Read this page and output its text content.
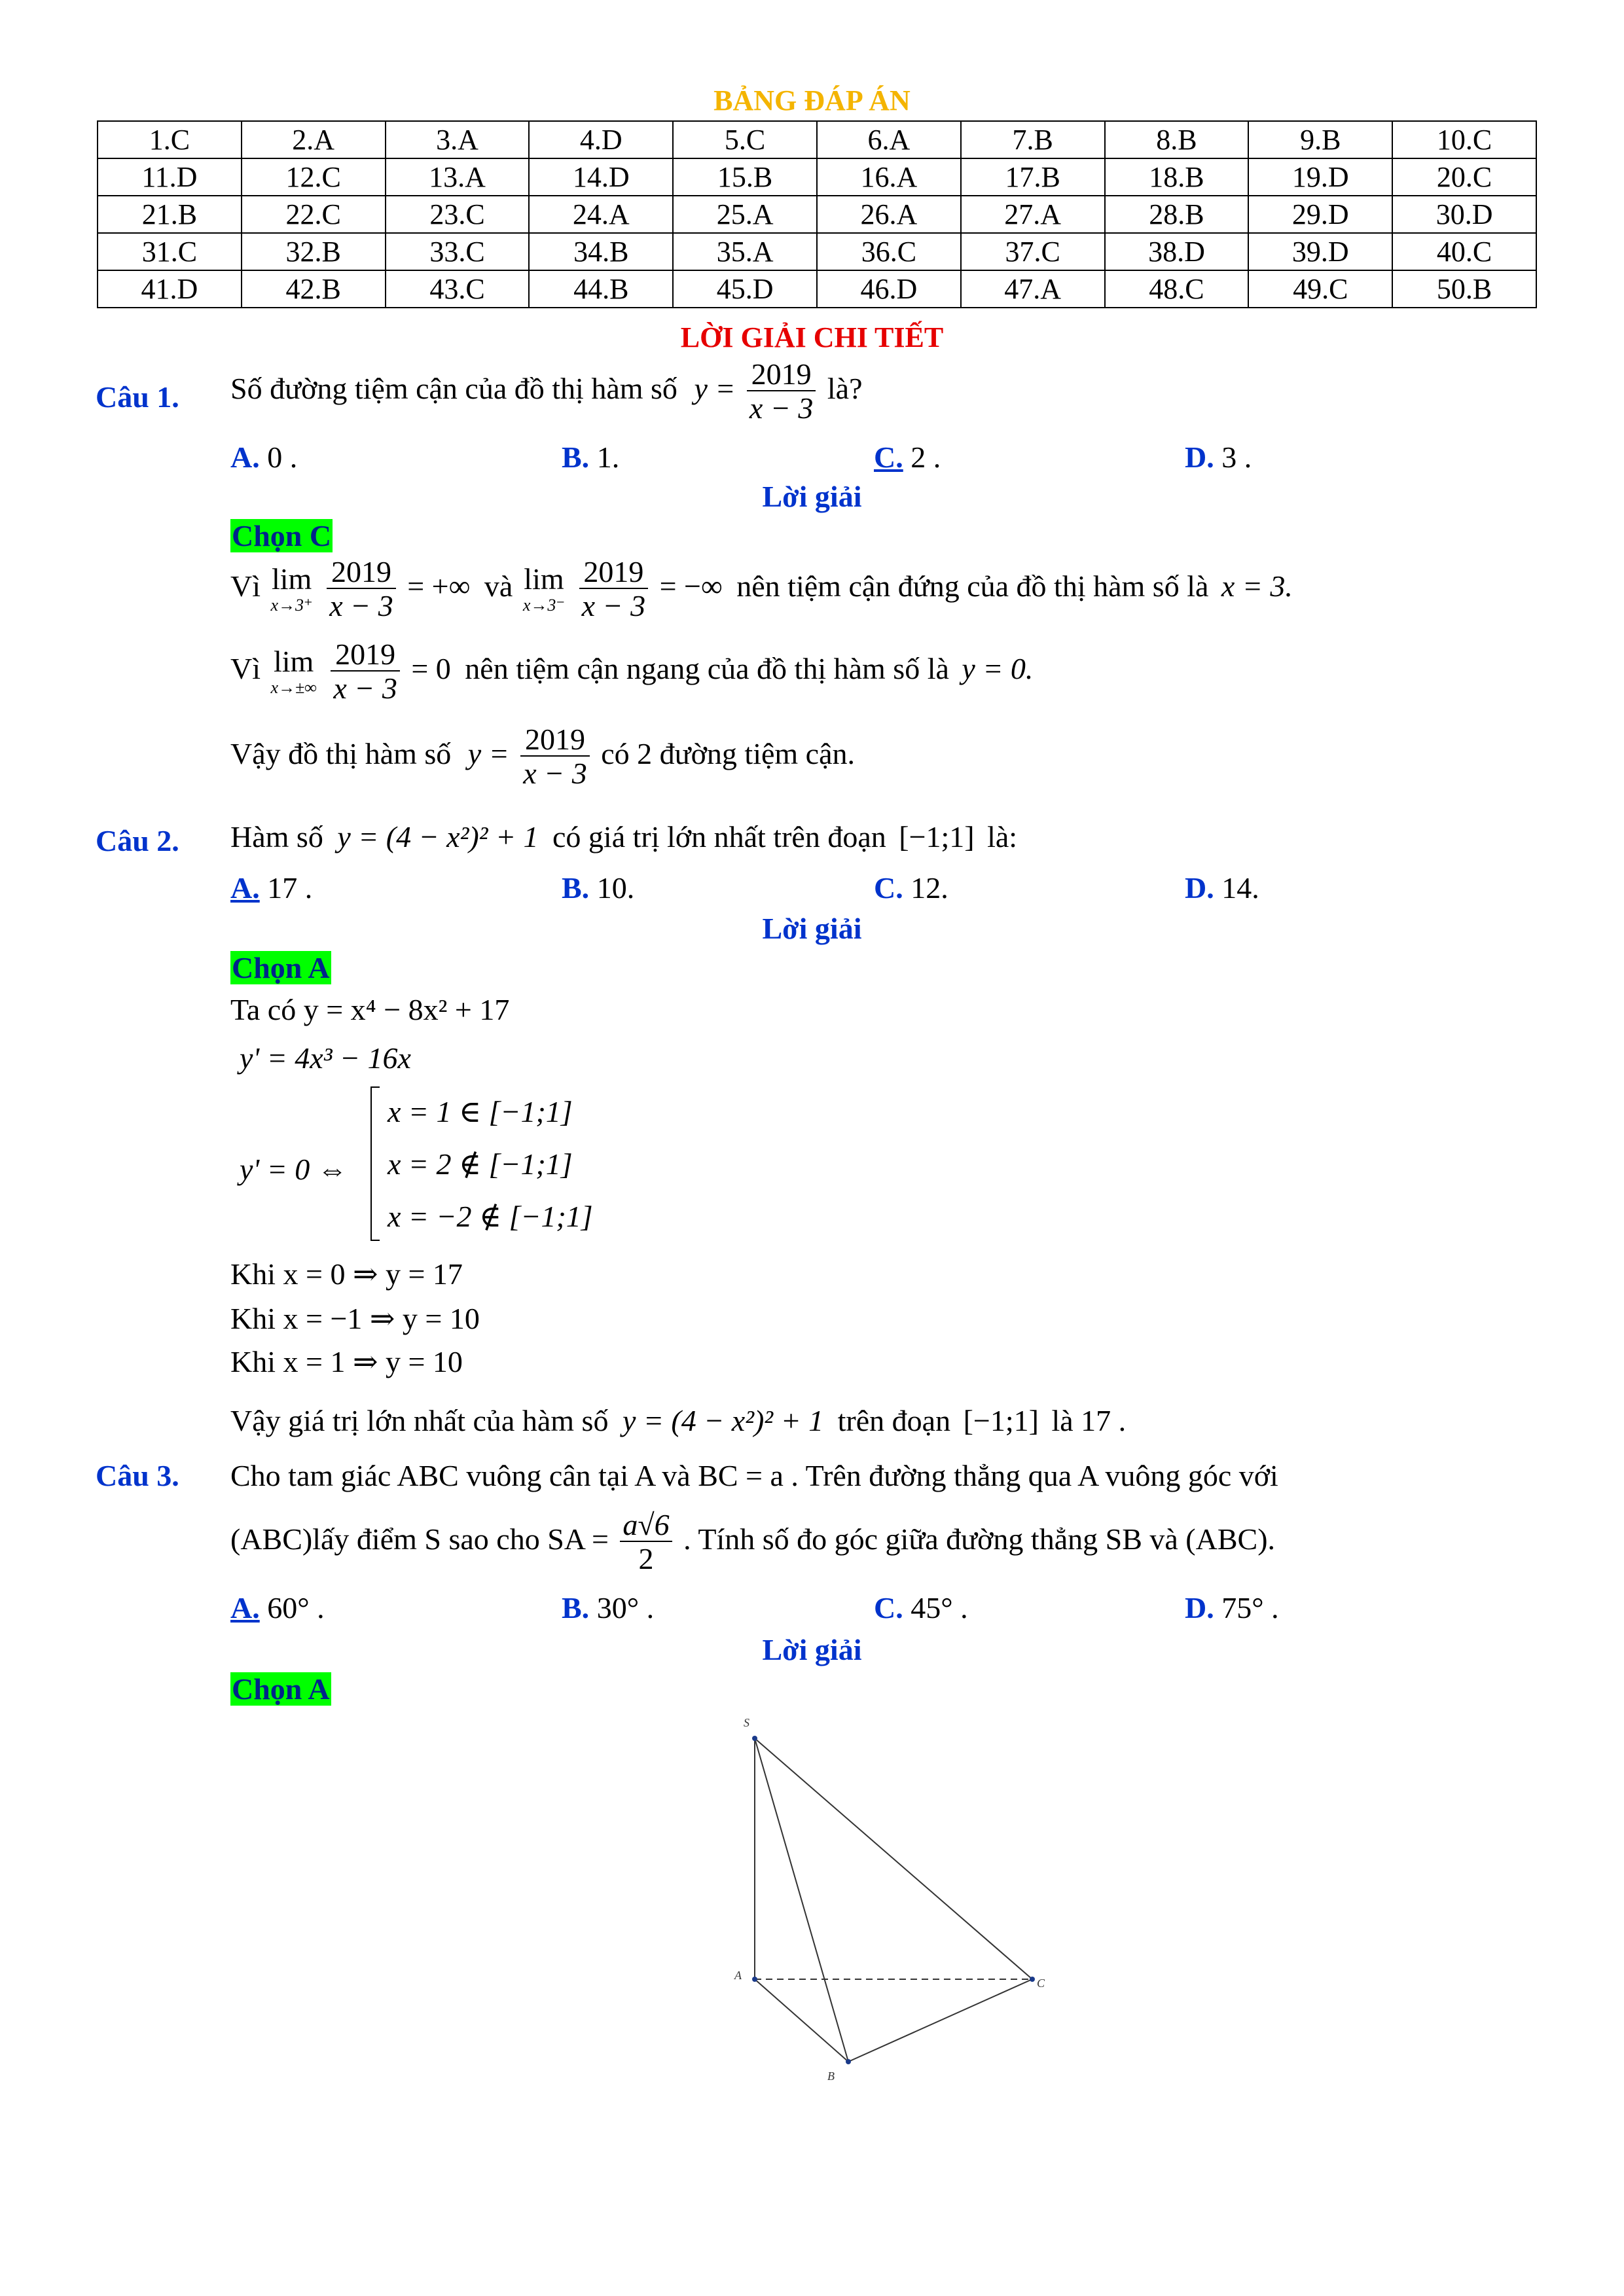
BẢNG ĐÁP ÁN
1.C	2.A	3.A	4.D	5.C	6.A	7.B	8.B	9.B	10.C
11.D	12.C	13.A	14.D	15.B	16.A	17.B	18.B	19.D	20.C
21.B	22.C	23.C	24.A	25.A	26.A	27.A	28.B	29.D	30.D
31.C	32.B	33.C	34.B	35.A	36.C	37.C	38.D	39.D	40.C
41.D	42.B	43.C	44.B	45.D	46.D	47.A	48.C	49.C	50.B
LỜI GIẢI CHI TIẾT
Câu 1. Số đường tiệm cận của đồ thị hàm số $y = \frac{2019}{x - 3}$ là?
A. 0 .	B. 1.	C. 2 .	D. 3 .
Lời giải
Chọn C
Vì lim
x→3⁺
$\frac{2019}{x - 3}$ = +∞ và lim
x→3⁻
$\frac{2019}{x - 3}$ = −∞ nên tiệm cận đứng của đồ thị hàm số là x = 3.
Vì lim
x→±∞
$\frac{2019}{x - 3} = 0$ nên tiệm cận ngang của đồ thị hàm số là y = 0.
Vậy đồ thị hàm số $y = \frac{2019}{x - 3}$ có 2 đường tiệm cận.
Câu 2. Hàm số y = (4 − x²)² + 1 có giá trị lớn nhất trên đoạn [−1;1] là:
A. 17 .	B. 10.	C. 12.	D. 14.
Lời giải
Chọn A
Ta có y = x⁴ − 8x² + 17
y' = 4x³ − 16x
y' = 0 ⇔
x = 1 ∈ [−1;1]
x = 2 ∉ [−1;1]
x = −2 ∉ [−1;1]
Khi x = 0 ⇒ y = 17
Khi x = −1 ⇒ y = 10
Khi x = 1 ⇒ y = 10
Vậy giá trị lớn nhất của hàm số y = (4 − x²)² + 1 trên đoạn [−1;1] là 17 .
Câu 3. Cho tam giác ABC vuông cân tại A và BC = a . Trên đường thẳng qua A vuông góc với
(ABC)lấy điểm S sao cho SA = $\frac{a√6}{2}$ . Tính số đo góc giữa đường thẳng SB và (ABC).
A. 60° .	B. 30° .	C. 45° .	D. 75° .
Lời giải
Chọn A
S
A
B
C
